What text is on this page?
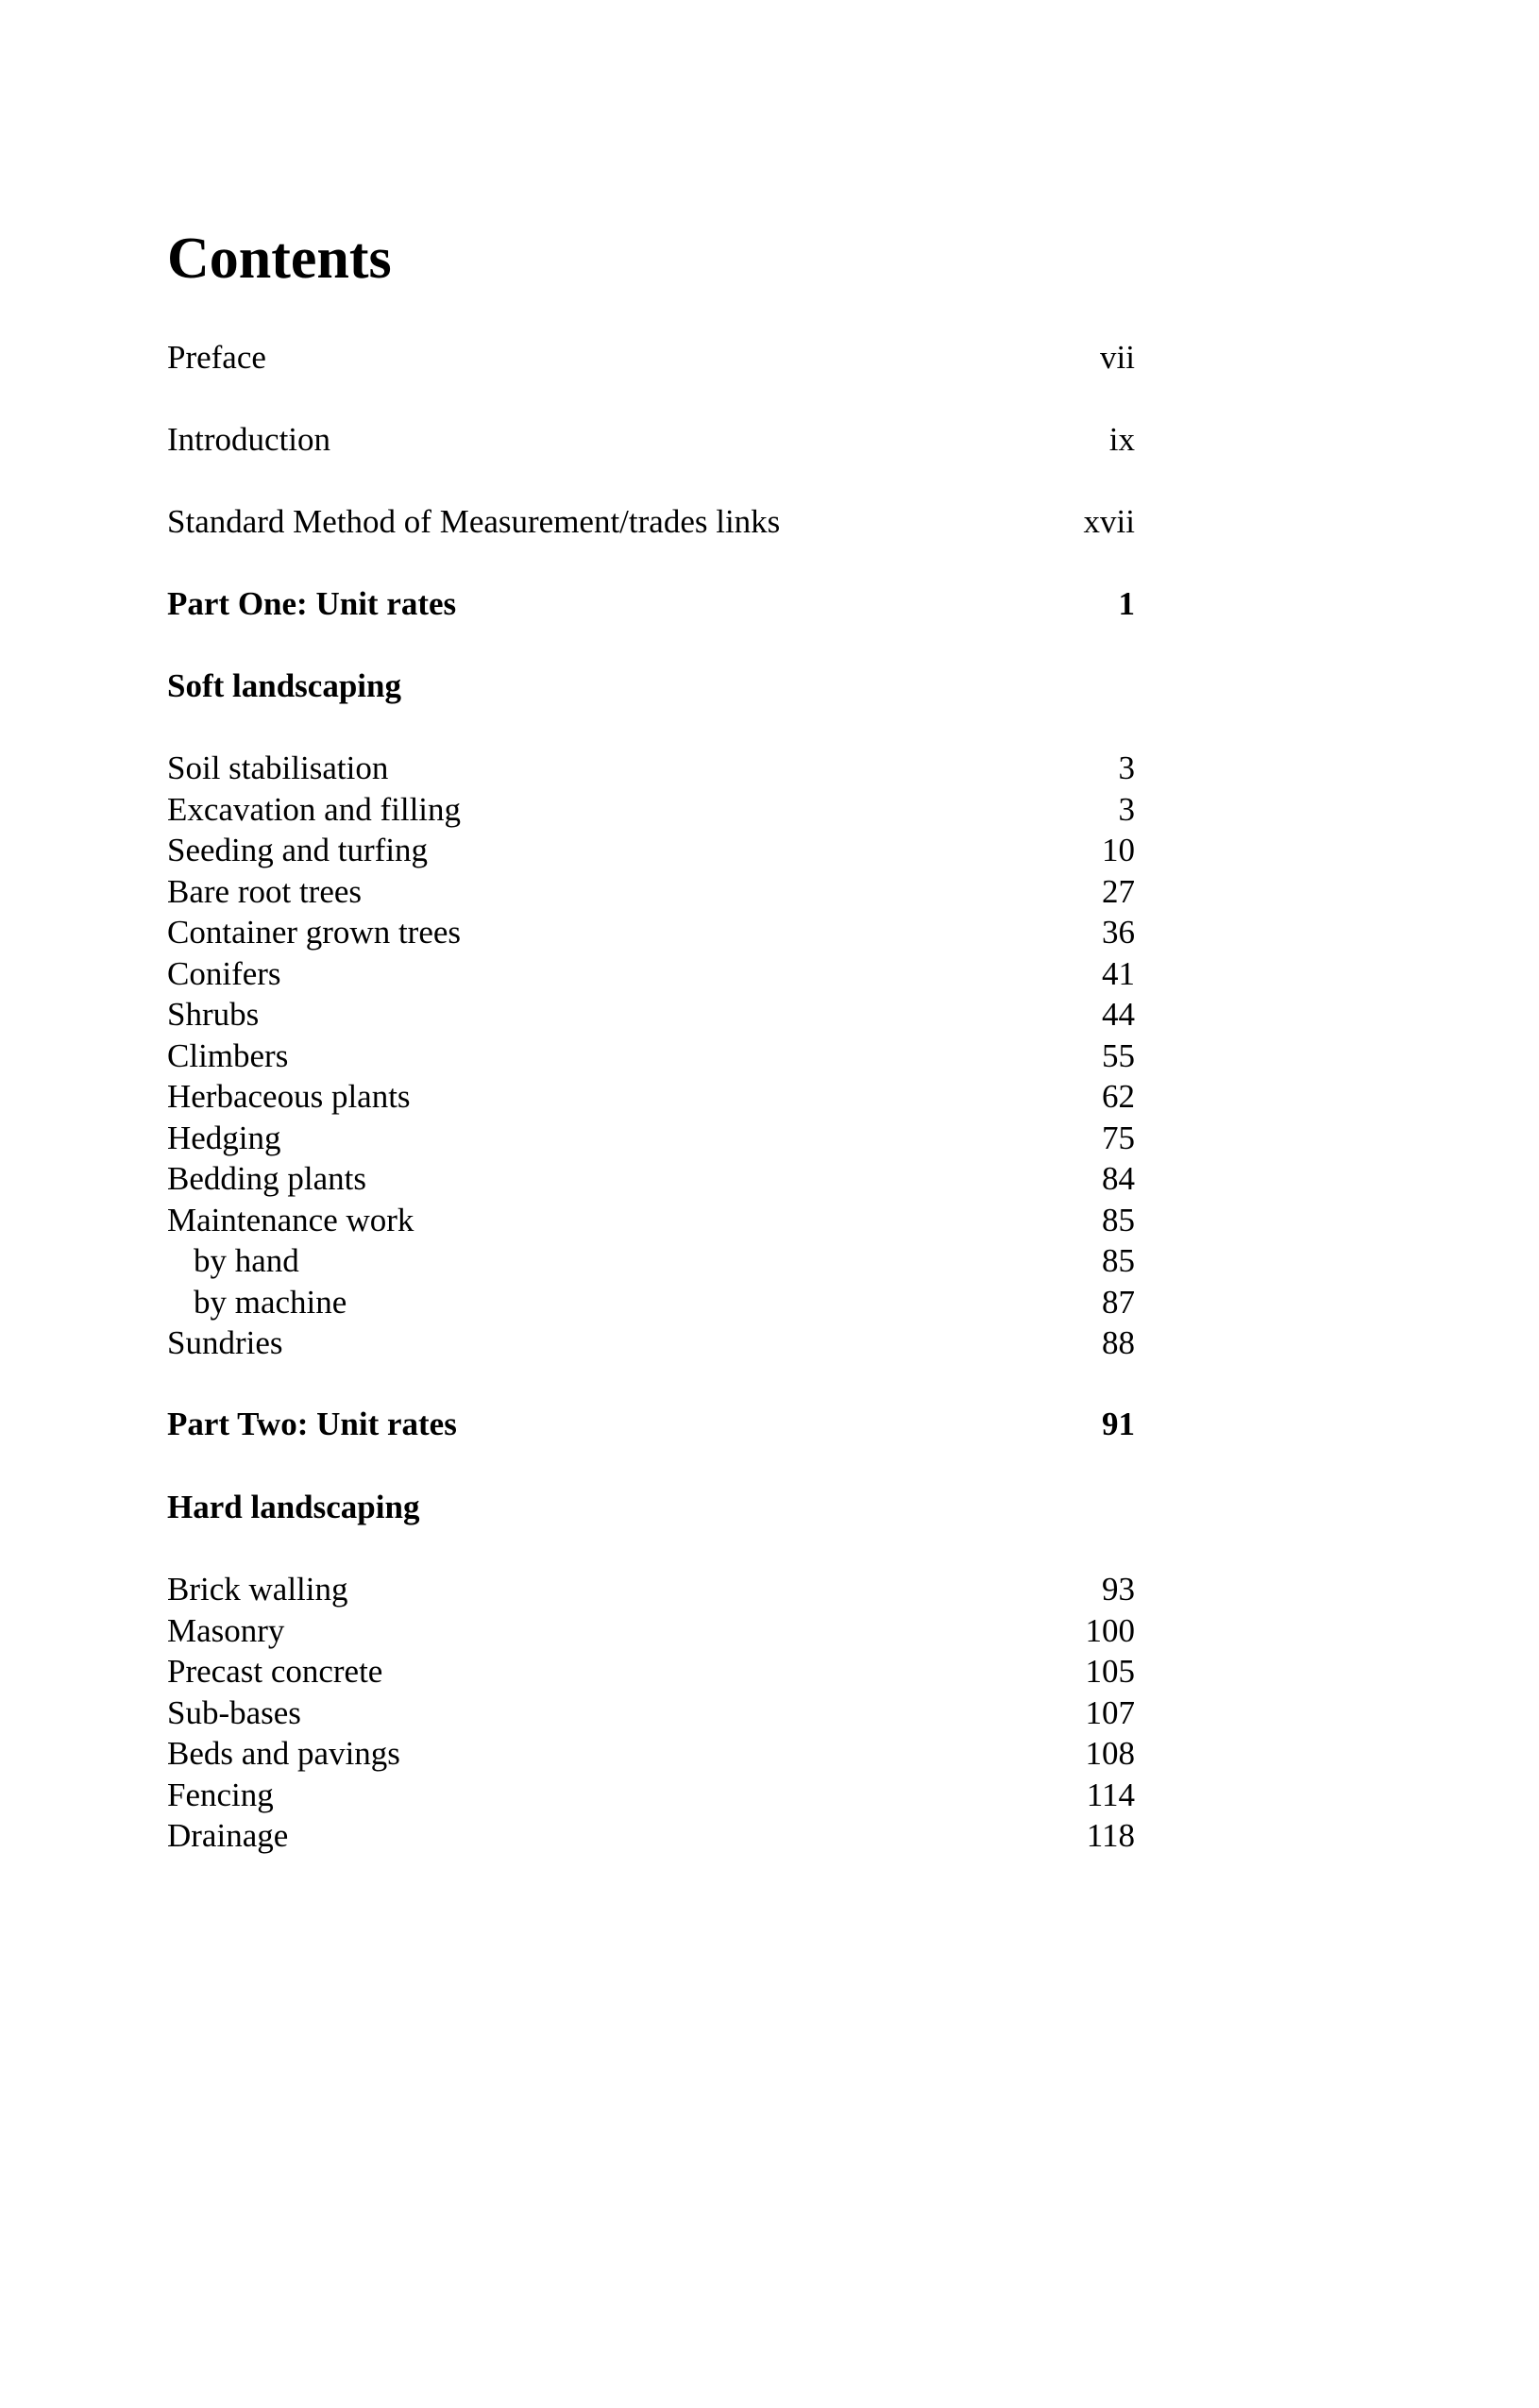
Contents
Preface	vii
Introduction	ix
Standard Method of Measurement/trades links	xvii
Part One: Unit rates	1
Soft landscaping
Soil stabilisation	3
Excavation and filling	3
Seeding and turfing	10
Bare root trees	27
Container grown trees	36
Conifers	41
Shrubs	44
Climbers	55
Herbaceous plants	62
Hedging	75
Bedding plants	84
Maintenance work	85
by hand	85
by machine	87
Sundries	88
Part Two: Unit rates	91
Hard landscaping
Brick walling	93
Masonry	100
Precast concrete	105
Sub-bases	107
Beds and pavings	108
Fencing	114
Drainage	118
